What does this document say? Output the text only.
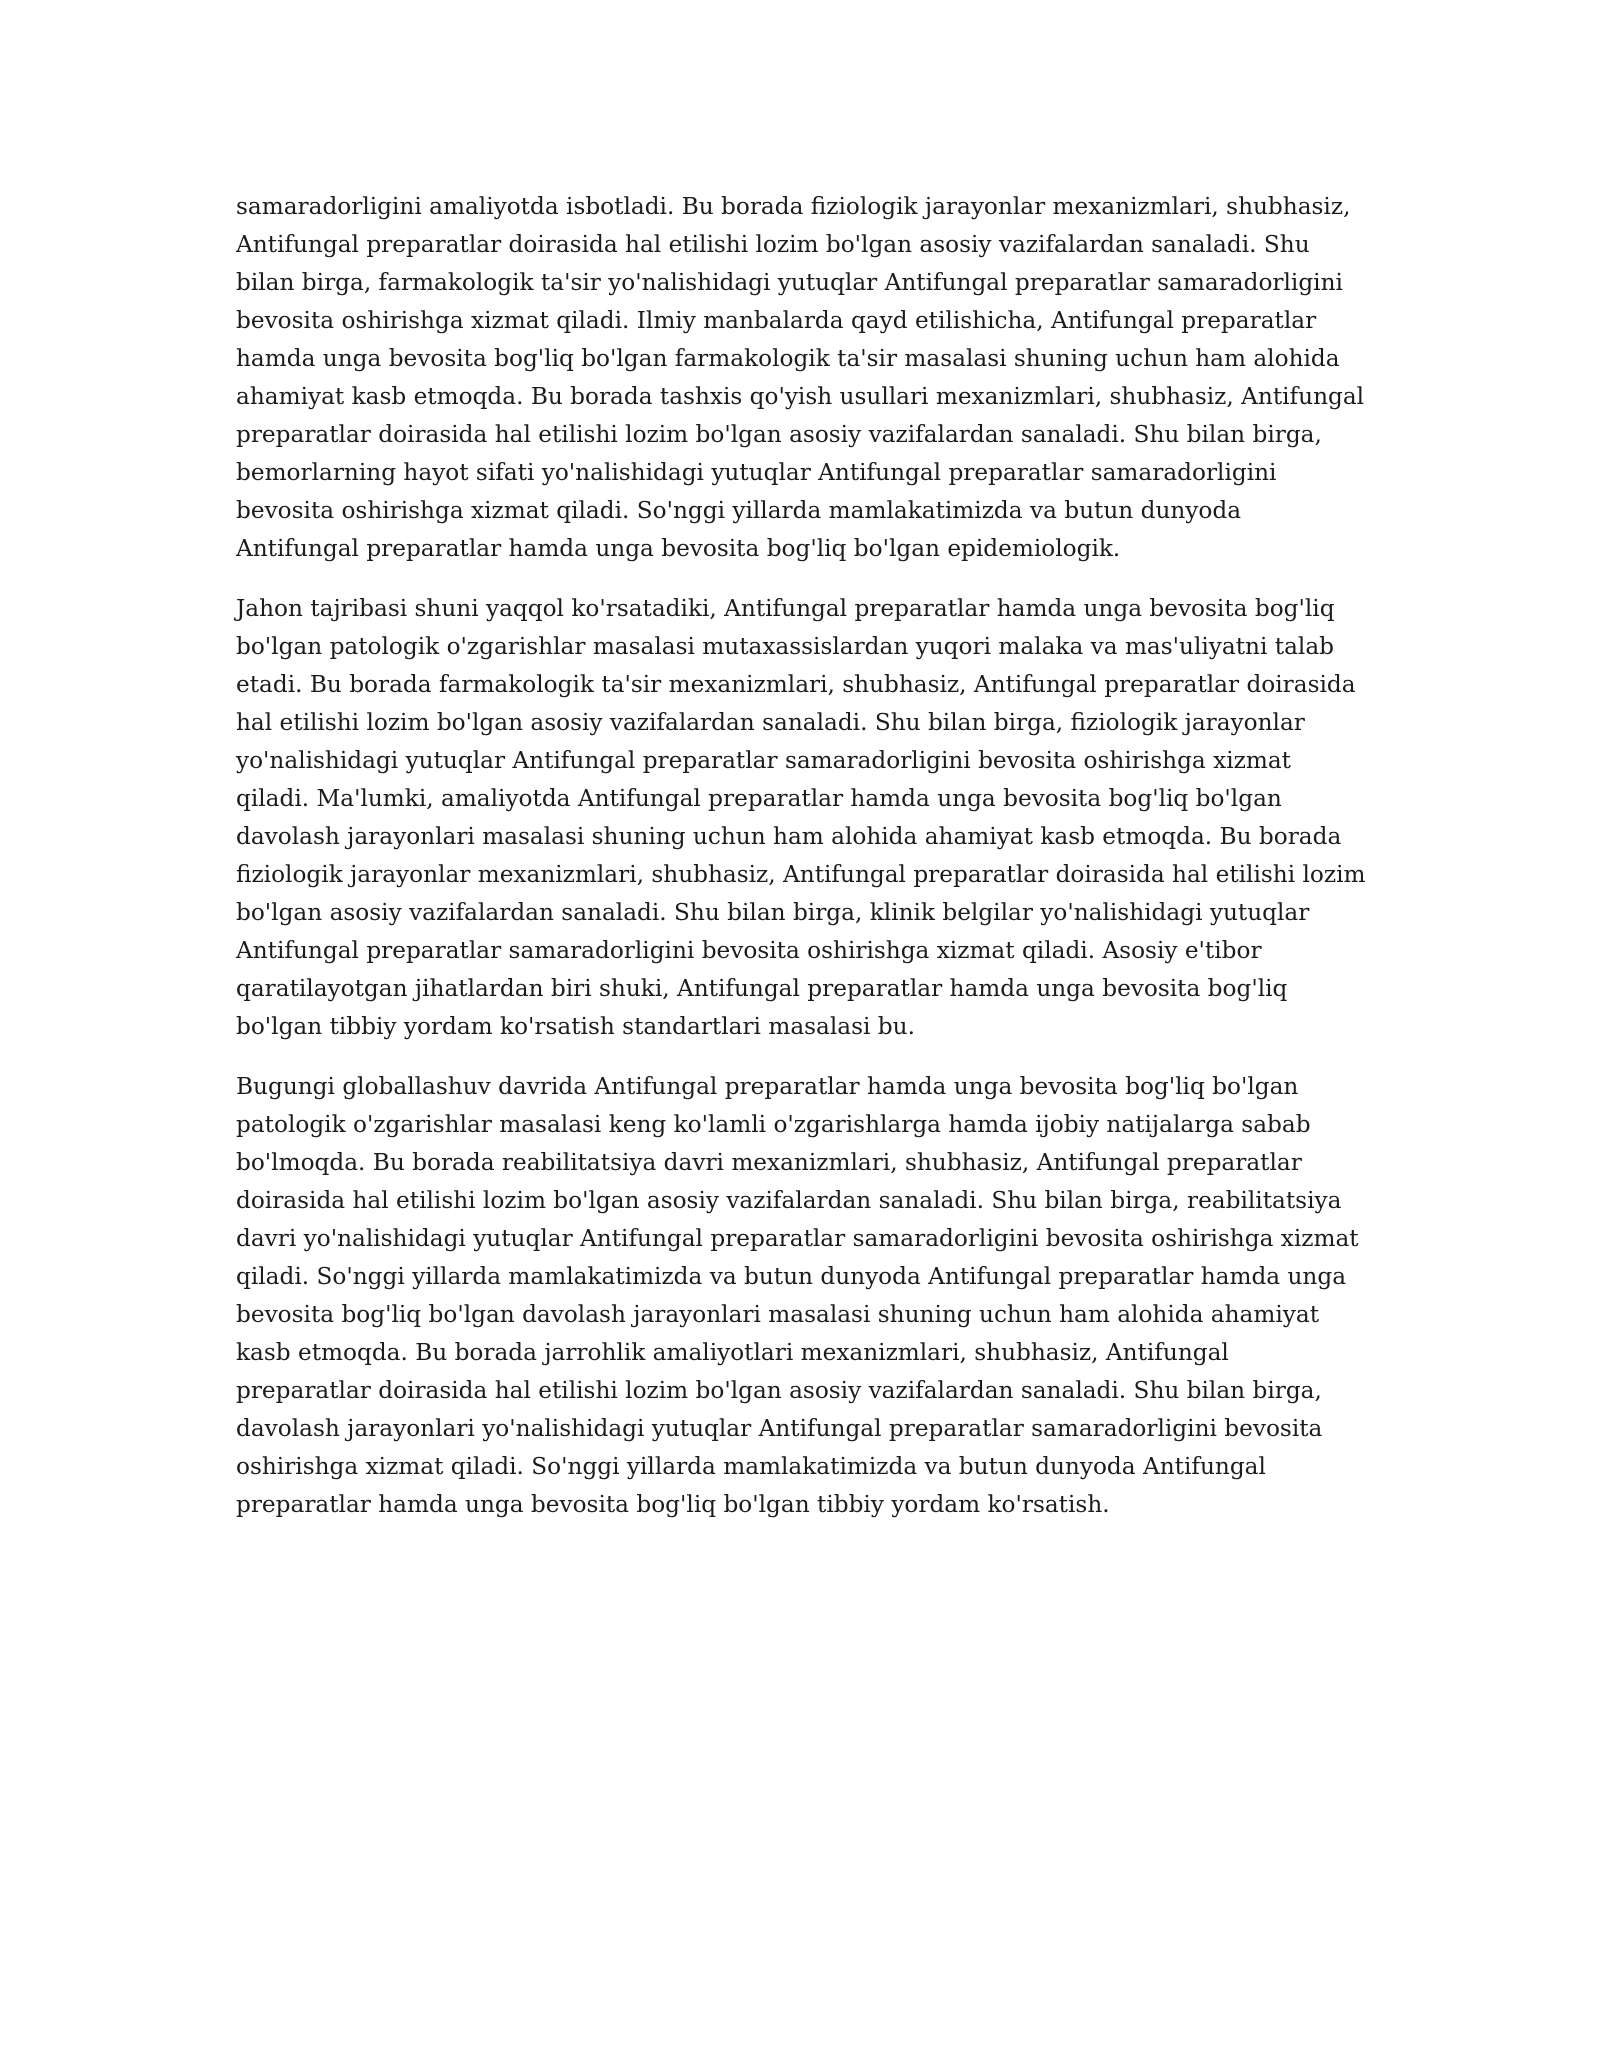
samaradorligini amaliyotda isbotladi. Bu borada fiziologik jarayonlar mexanizmlari, shubhasiz, Antifungal preparatlar doirasida hal etilishi lozim bo'lgan asosiy vazifalardan sanaladi. Shu bilan birga, farmakologik ta'sir yo'nalishidagi yutuqlar Antifungal preparatlar samaradorligini bevosita oshirishga xizmat qiladi. Ilmiy manbalarda qayd etilishicha, Antifungal preparatlar hamda unga bevosita bog'liq bo'lgan farmakologik ta'sir masalasi shuning uchun ham alohida ahamiyat kasb etmoqda. Bu borada tashxis qo'yish usullari mexanizmlari, shubhasiz, Antifungal preparatlar doirasida hal etilishi lozim bo'lgan asosiy vazifalardan sanaladi. Shu bilan birga, bemorlarning hayot sifati yo'nalishidagi yutuqlar Antifungal preparatlar samaradorligini bevosita oshirishga xizmat qiladi. So'nggi yillarda mamlakatimizda va butun dunyoda Antifungal preparatlar hamda unga bevosita bog'liq bo'lgan epidemiologik.

Jahon tajribasi shuni yaqqol ko'rsatadiki, Antifungal preparatlar hamda unga bevosita bog'liq bo'lgan patologik o'zgarishlar masalasi mutaxassislardan yuqori malaka va mas'uliyatni talab etadi. Bu borada farmakologik ta'sir mexanizmlari, shubhasiz, Antifungal preparatlar doirasida hal etilishi lozim bo'lgan asosiy vazifalardan sanaladi. Shu bilan birga, fiziologik jarayonlar yo'nalishidagi yutuqlar Antifungal preparatlar samaradorligini bevosita oshirishga xizmat qiladi. Ma'lumki, amaliyotda Antifungal preparatlar hamda unga bevosita bog'liq bo'lgan davolash jarayonlari masalasi shuning uchun ham alohida ahamiyat kasb etmoqda. Bu borada fiziologik jarayonlar mexanizmlari, shubhasiz, Antifungal preparatlar doirasida hal etilishi lozim bo'lgan asosiy vazifalardan sanaladi. Shu bilan birga, klinik belgilar yo'nalishidagi yutuqlar Antifungal preparatlar samaradorligini bevosita oshirishga xizmat qiladi. Asosiy e'tibor qaratilayotgan jihatlardan biri shuki, Antifungal preparatlar hamda unga bevosita bog'liq bo'lgan tibbiy yordam ko'rsatish standartlari masalasi bu.

Bugungi globallashuv davrida Antifungal preparatlar hamda unga bevosita bog'liq bo'lgan patologik o'zgarishlar masalasi keng ko'lamli o'zgarishlarga hamda ijobiy natijalarga sabab bo'lmoqda. Bu borada reabilitatsiya davri mexanizmlari, shubhasiz, Antifungal preparatlar doirasida hal etilishi lozim bo'lgan asosiy vazifalardan sanaladi. Shu bilan birga, reabilitatsiya davri yo'nalishidagi yutuqlar Antifungal preparatlar samaradorligini bevosita oshirishga xizmat qiladi. So'nggi yillarda mamlakatimizda va butun dunyoda Antifungal preparatlar hamda unga bevosita bog'liq bo'lgan davolash jarayonlari masalasi shuning uchun ham alohida ahamiyat kasb etmoqda. Bu borada jarrohlik amaliyotlari mexanizmlari, shubhasiz, Antifungal preparatlar doirasida hal etilishi lozim bo'lgan asosiy vazifalardan sanaladi. Shu bilan birga, davolash jarayonlari yo'nalishidagi yutuqlar Antifungal preparatlar samaradorligini bevosita oshirishga xizmat qiladi. So'nggi yillarda mamlakatimizda va butun dunyoda Antifungal preparatlar hamda unga bevosita bog'liq bo'lgan tibbiy yordam ko'rsatish.
